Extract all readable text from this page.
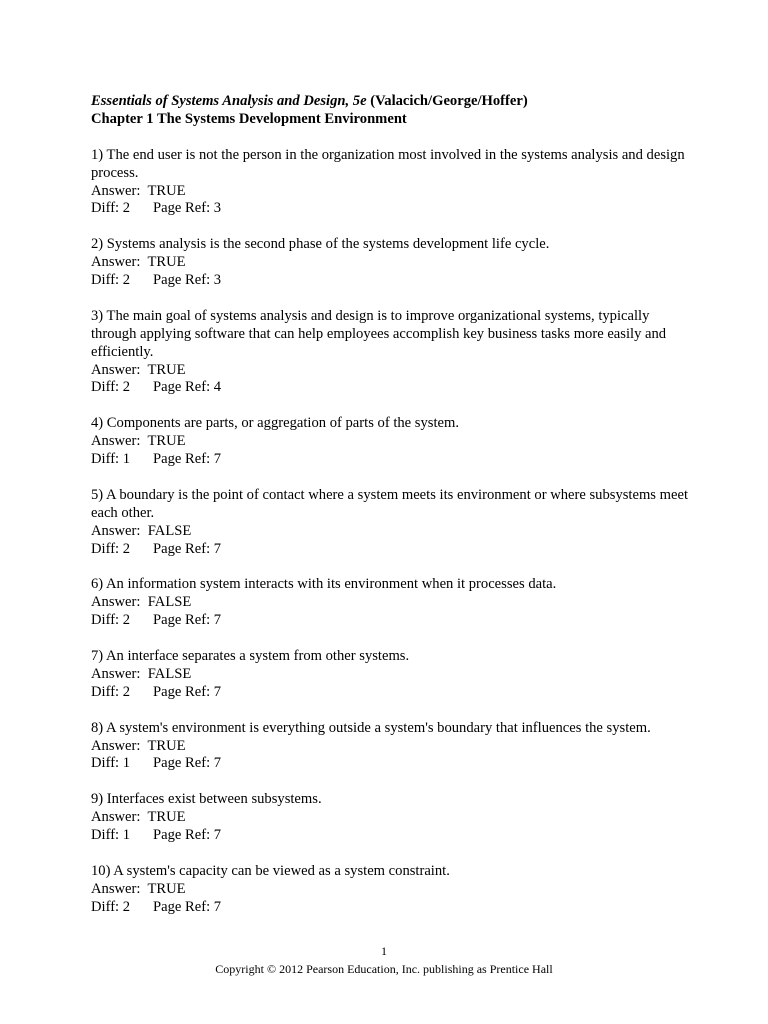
Essentials of Systems Analysis and Design, 5e (Valacich/George/Hoffer)
Chapter 1 The Systems Development Environment

1) The end user is not the person in the organization most involved in the systems analysis and design process.

Answer:  TRUE
Diff: 2 Page Ref: 3

2) Systems analysis is the second phase of the systems development life cycle.

Answer:  TRUE
Diff: 2 Page Ref: 3

3) The main goal of systems analysis and design is to improve organizational systems, typically through applying software that can help employees accomplish key business tasks more easily and efficiently.

Answer:  TRUE
Diff: 2 Page Ref: 4

4) Components are parts, or aggregation of parts of the system.

Answer:  TRUE
Diff: 1 Page Ref: 7

5) A boundary is the point of contact where a system meets its environment or where subsystems meet each other.

Answer:  FALSE
Diff: 2 Page Ref: 7

6) An information system interacts with its environment when it processes data.

Answer:  FALSE
Diff: 2 Page Ref: 7

7) An interface separates a system from other systems.

Answer:  FALSE
Diff: 2 Page Ref: 7

8) A system's environment is everything outside a system's boundary that influences the system.

Answer:  TRUE
Diff: 1 Page Ref: 7

9) Interfaces exist between subsystems.

Answer:  TRUE
Diff: 1 Page Ref: 7

10) A system's capacity can be viewed as a system constraint.

Answer:  TRUE
Diff: 2 Page Ref: 7
1
Copyright © 2012 Pearson Education, Inc. publishing as Prentice Hall
